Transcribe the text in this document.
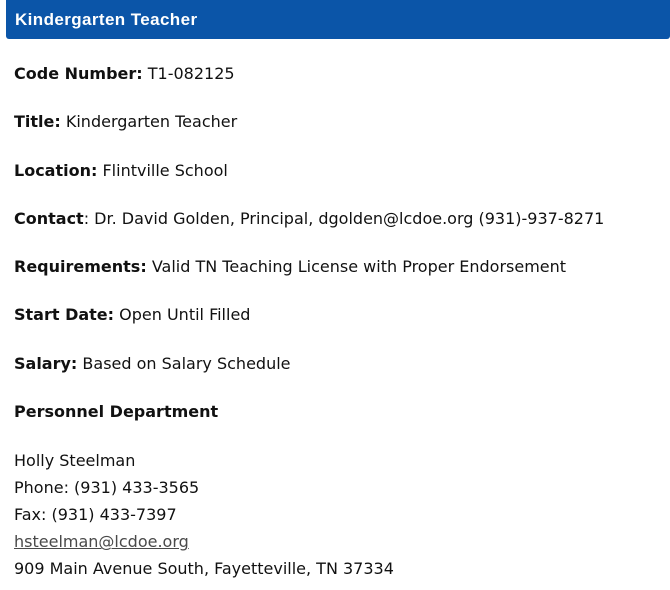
Kindergarten Teacher
Code Number: T1-082125
Title: Kindergarten Teacher
Location: Flintville School
Contact: Dr. David Golden, Principal, dgolden@lcdoe.org (931)-937-8271
Requirements: Valid TN Teaching License with Proper Endorsement
Start Date: Open Until Filled
Salary: Based on Salary Schedule
Personnel Department
Holly Steelman
Phone: (931) 433-3565
Fax: (931) 433-7397
hsteelman@lcdoe.org
909 Main Avenue South, Fayetteville, TN 37334
